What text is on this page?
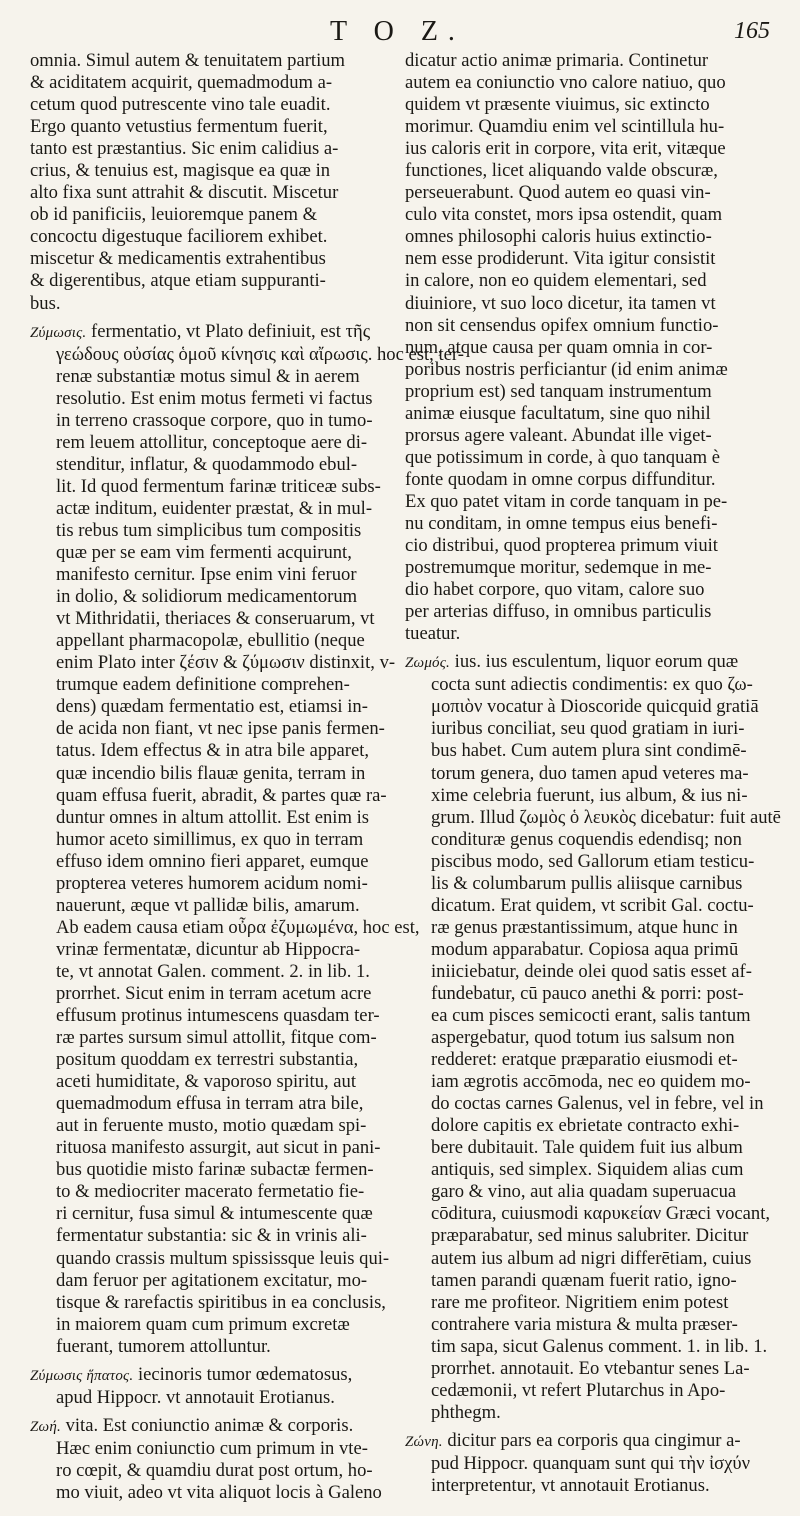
T O Z.	165
omnia. Simul autem & tenuitatem partium
& aciditatem acquirit, quemadmodum a-
cetum quod putrescente vino tale euadit.
Ergo quanto vetustius fermentum fuerit,
tanto est præstantius. Sic enim calidius a-
crius, & tenuius est, magisque ea quæ in
alto fixa sunt attrahit & discutit. Miscetur
ob id panificiis, leuioremque panem &
concoctu digestuque faciliorem exhibet.
miscetur & medicamentis extrahentibus
& digerentibus, atque etiam suppuranti-
bus.
Ζύμωσις. fermentatio, vt Plato definiuit, est τῆς
γεώδους οὐσίας ὁμοῦ κίνησις καὶ αἴρωσις. hoc est, ter-
renæ substantiæ motus simul & in aerem
resolutio. Est enim motus fermeti vi factus
in terreno crassoque corpore, quo in tumo-
rem leuem attollitur, conceptoque aere di-
stenditur, inflatur, & quodammodo ebul-
lit. Id quod fermentum farinæ triticeæ subs-
actæ inditum, euidenter præstat, & in mul-
tis rebus tum simplicibus tum compositis
quæ per se eam vim fermenti acquirunt,
manifesto cernitur. Ipse enim vini feruor
in dolio, & solidiorum medicamentorum
vt Mithridatii, theriaces & conseruarum, vt
appellant pharmacopolæ, ebullitio (neque
enim Plato inter ζέσιν & ζύμωσιν distinxit, v-
trumque eadem definitione comprehen-
dens) quædam fermentatio est, etiamsi in-
de acida non fiant, vt nec ipse panis fermen-
tatus. Idem effectus & in atra bile apparet,
quæ incendio bilis flauæ genita, terram in
quam effusa fuerit, abradit, & partes quæ ra-
duntur omnes in altum attollit. Est enim is
humor aceto simillimus, ex quo in terram
effuso idem omnino fieri apparet, eumque
propterea veteres humorem acidum nomi-
nauerunt, æque vt pallidæ bilis, amarum.
Ab eadem causa etiam οὖρα ἐζυμωμένα, hoc est,
vrinæ fermentatæ, dicuntur ab Hippocra-
te, vt annotat Galen. comment. 2. in lib. 1.
prorrhet. Sicut enim in terram acetum acre
effusum protinus intumescens quasdam ter-
ræ partes sursum simul attollit, fitque com-
positum quoddam ex terrestri substantia,
aceti humiditate, & vaporoso spiritu, aut
quemadmodum effusa in terram atra bile,
aut in feruente musto, motio quædam spi-
rituosa manifesto assurgit, aut sicut in pani-
bus quotidie misto farinæ subactæ fermen-
to & mediocriter macerato fermetatio fie-
ri cernitur, fusa simul & intumescente quæ
fermentatur substantia: sic & in vrinis ali-
quando crassis multum spississque leuis qui-
dam feruor per agitationem excitatur, mo-
tisque & rarefactis spiritibus in ea conclusis,
in maiorem quam cum primum excretæ
fuerant, tumorem attolluntur.
Ζύμωσις ἥπατος. iecinoris tumor œdematosus,
apud Hippocr. vt annotauit Erotianus.
Ζωή. vita. Est coniunctio animæ & corporis.
Hæc enim coniunctio cum primum in vte-
ro cœpit, & quamdiu durat post ortum, ho-
mo viuit, adeo vt vita aliquot locis à Galeno
dicatur actio animæ primaria. Continetur
autem ea coniunctio vno calore natiuo, quo
quidem vt præsente viuimus, sic extincto
morimur. Quamdiu enim vel scintillula hu-
ius caloris erit in corpore, vita erit, vitæque
functiones, licet aliquando valde obscuræ,
perseuerabunt. Quod autem eo quasi vin-
culo vita constet, mors ipsa ostendit, quam
omnes philosophi caloris huius extinctio-
nem esse prodiderunt. Vita igitur consistit
in calore, non eo quidem elementari, sed
diuiniore, vt suo loco dicetur, ita tamen vt
non sit censendus opifex omnium functio-
num, atque causa per quam omnia in cor-
poribus nostris perficiantur (id enim animæ
proprium est) sed tanquam instrumentum
animæ eiusque facultatum, sine quo nihil
prorsus agere valeant. Abundat ille viget-
que potissimum in corde, à quo tanquam è
fonte quodam in omne corpus diffunditur.
Ex quo patet vitam in corde tanquam in pe-
nu conditam, in omne tempus eius benefi-
cio distribui, quod propterea primum viuit
postremumque moritur, sedemque in me-
dio habet corpore, quo vitam, calore suo
per arterias diffuso, in omnibus particulis
tueatur.
Ζωμός. ius. ius esculentum, liquor eorum quæ
cocta sunt adiectis condimentis: ex quo ζω-
μοπιὸν vocatur à Dioscoride quicquid gratiā
iuribus conciliat, seu quod gratiam in iuri-
bus habet. Cum autem plura sint condimē-
torum genera, duo tamen apud veteres ma-
xime celebria fuerunt, ius album, & ius ni-
grum. Illud ζωμὸς ὁ λευκὸς dicebatur: fuit autē
condituræ genus coquendis edendisq; non
piscibus modo, sed Gallorum etiam testicu-
lis & columbarum pullis aliisque carnibus
dicatum. Erat quidem, vt scribit Gal. coctu-
ræ genus præstantissimum, atque hunc in
modum apparabatur. Copiosa aqua primū
iniiciebatur, deinde olei quod satis esset af-
fundebatur, cū pauco anethi & porri: post-
ea cum pisces semicocti erant, salis tantum
aspergebatur, quod totum ius salsum non
redderet: eratque præparatio eiusmodi et-
iam ægrotis accōmoda, nec eo quidem mo-
do coctas carnes Galenus, vel in febre, vel in
dolore capitis ex ebrietate contracto exhi-
bere dubitauit. Tale quidem fuit ius album
antiquis, sed simplex. Siquidem alias cum
garo & vino, aut alia quadam superuacua
cōditura, cuiusmodi καρυκείαν Græci vocant,
præparabatur, sed minus salubriter. Dicitur
autem ius album ad nigri differētiam, cuius
tamen parandi quænam fuerit ratio, igno-
rare me profiteor. Nigritiem enim potest
contrahere varia mistura & multa præser-
tim sapa, sicut Galenus comment. 1. in lib. 1.
prorrhet. annotauit. Eo vtebantur senes La-
cedæmonii, vt refert Plutarchus in Apo-
phthegm.
Ζώνη. dicitur pars ea corporis qua cingimur a-
pud Hippocr. quanquam sunt qui τὴν ἰσχύν
interpretentur, vt annotauit Erotianus.
